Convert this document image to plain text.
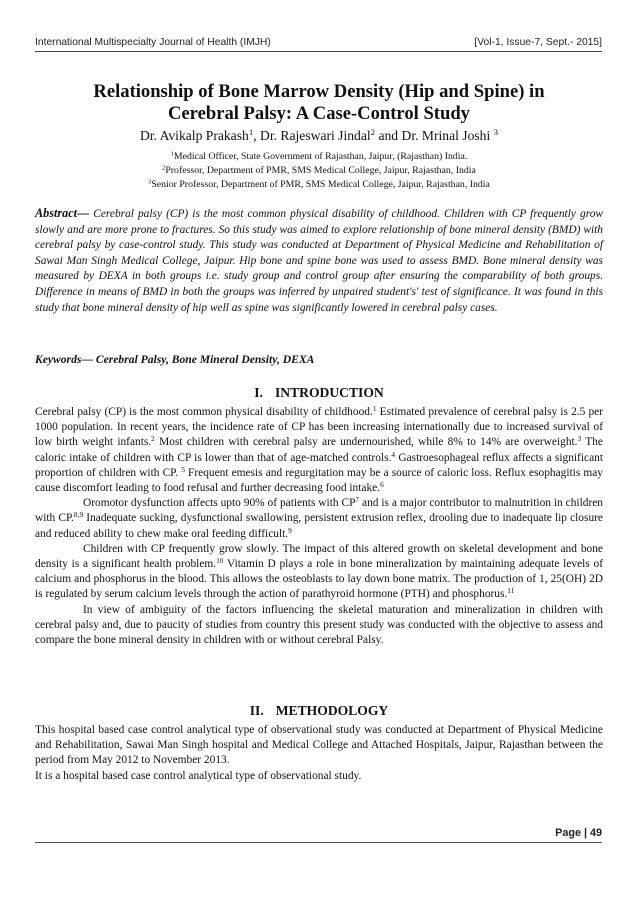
International Multispecialty Journal of Health (IMJH)	[Vol-1, Issue-7, Sept.- 2015]
Relationship of Bone Marrow Density (Hip and Spine) in
Cerebral Palsy: A Case-Control Study
Dr. Avikalp Prakash$^1$, Dr. Rajeswari Jindal$^2$ and Dr. Mrinal Joshi $^3$
$^1$Medical Officer, State Government of Rajasthan, Jaipur, (Rajasthan) India.
$^2$Professor, Department of PMR, SMS Medical College, Jaipur, Rajasthan, India
$^3$Senior Professor, Department of PMR, SMS Medical College, Jaipur, Rajasthan, India

Abstract— Cerebral palsy (CP) is the most common physical disability of childhood. Children with CP frequently grow slowly and are more prone to fractures. So this study was aimed to explore relationship of bone mineral density (BMD) with cerebral palsy by case-control study. This study was conducted at Department of Physical Medicine and Rehabilitation of Sawai Man Singh Medical College, Jaipur. Hip bone and spine bone was used to assess BMD. Bone mineral density was measured by DEXA in both groups i.e. study group and control group after ensuring the comparability of both groups. Difference in means of BMD in both the groups was inferred by unpaired student's' test of significance. It was found in this study that bone mineral density of hip well as spine was significantly lowered in cerebral palsy cases.

Keywords— Cerebral Palsy, Bone Mineral Density, DEXA

I. INTRODUCTION
Cerebral palsy (CP) is the most common physical disability of childhood.$^1$ Estimated prevalence of cerebral palsy is 2.5 per 1000 population. In recent years, the incidence rate of CP has been increasing internationally due to increased survival of low birth weight infants.$^2$ Most children with cerebral palsy are undernourished, while 8% to 14% are overweight.$^3$ The caloric intake of children with CP is lower than that of age-matched controls.$^4$ Gastroesophageal reflux affects a significant proportion of children with CP. $^5$ Frequent emesis and regurgitation may be a source of caloric loss. Reflux esophagitis may cause discomfort leading to food refusal and further decreasing food intake.$^6$
Oromotor dysfunction affects upto 90% of patients with $CP^7$ and is a major contributor to malnutrition in children with CP.$^{8,9}$ Inadequate sucking, dysfunctional swallowing, persistent extrusion reflex, drooling due to inadequate lip closure and reduced ability to chew make oral feeding difficult.$^9$
Children with CP frequently grow slowly. The impact of this altered growth on skeletal development and bone density is a significant health problem.$^{10}$ Vitamin D plays a role in bone mineralization by maintaining adequate levels of calcium and phosphorus in the blood. This allows the osteoblasts to lay down bone matrix. The production of 1, 25(OH) 2D is regulated by serum calcium levels through the action of parathyroid hormone (PTH) and phosphorus.$^{11}$
In view of ambiguity of the factors influencing the skeletal maturation and mineralization in children with cerebral palsy and, due to paucity of studies from country this present study was conducted with the objective to assess and compare the bone mineral density in children with or without cerebral Palsy.
II. METHODOLOGY
This hospital based case control analytical type of observational study was conducted at Department of Physical Medicine and Rehabilitation, Sawai Man Singh hospital and Medical College and Attached Hospitals, Jaipur, Rajasthan between the period from May 2012 to November 2013.
It is a hospital based case control analytical type of observational study.
Page | 49
